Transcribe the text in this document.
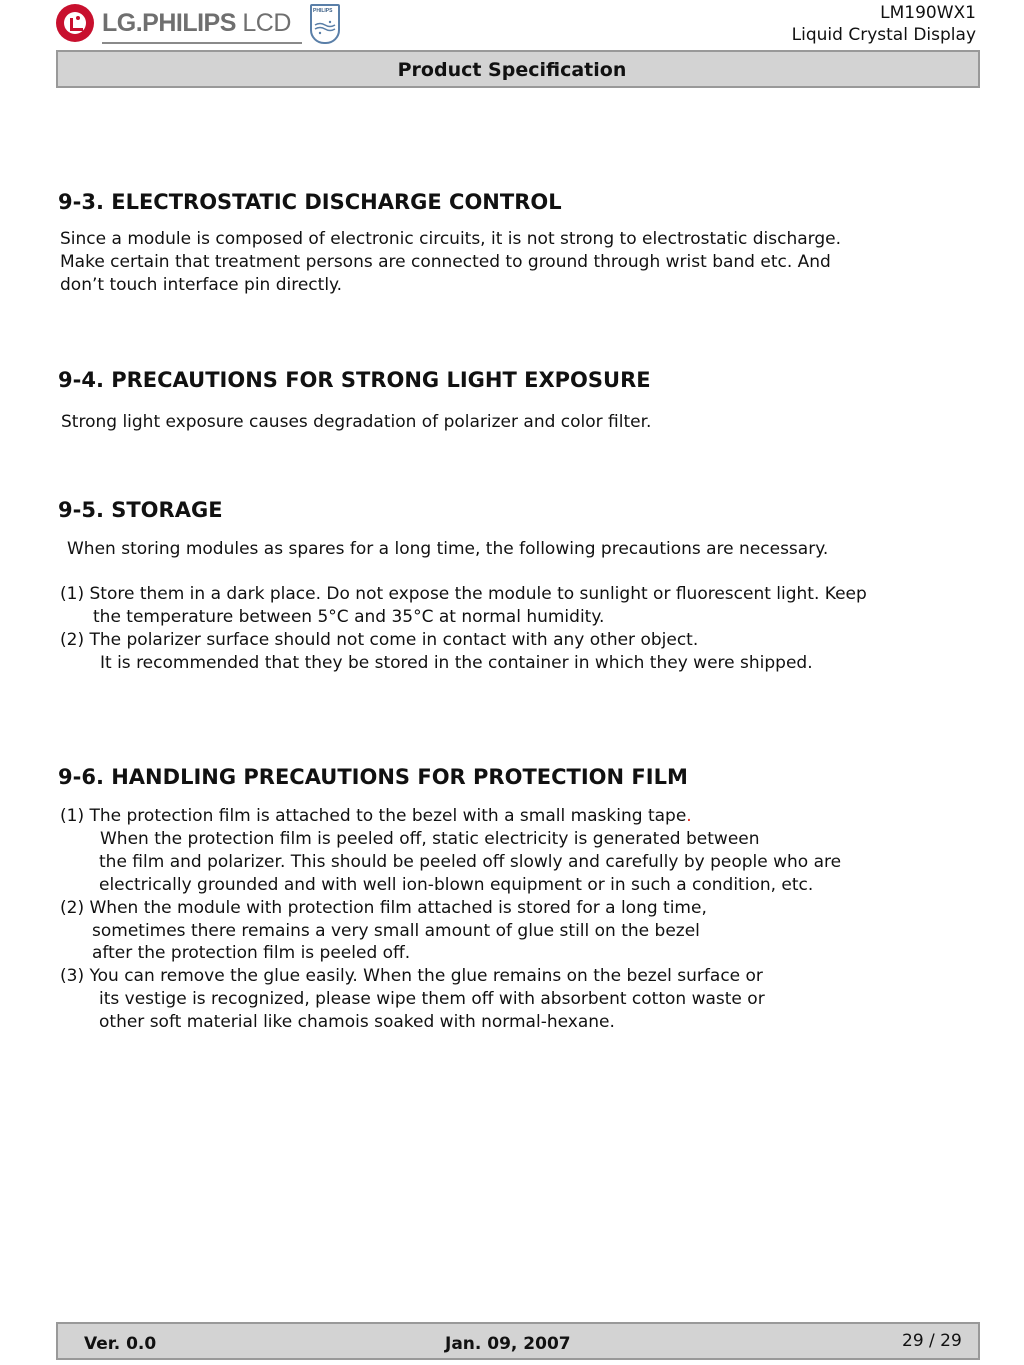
LG.PHILIPS LCD	PHILIPS	LM190WX1
Liquid Crystal Display
Product Specification
9-3. ELECTROSTATIC DISCHARGE CONTROL
Since a module is composed of electronic circuits, it is not strong to electrostatic discharge.
Make certain that treatment persons are connected to ground through wrist band etc. And
don’t touch interface pin directly.
9-4. PRECAUTIONS FOR STRONG LIGHT EXPOSURE
Strong light exposure causes degradation of polarizer and color filter.
9-5. STORAGE
When storing modules as spares for a long time, the following precautions are necessary.
(1) Store them in a dark place. Do not expose the module to sunlight or fluorescent light. Keep
the temperature between 5°C and 35°C at normal humidity.
(2) The polarizer surface should not come in contact with any other object.
It is recommended that they be stored in the container in which they were shipped.
9-6. HANDLING PRECAUTIONS FOR PROTECTION FILM
(1) The protection film is attached to the bezel with a small masking tape.
When the protection film is peeled off, static electricity is generated between
the film and polarizer. This should be peeled off slowly and carefully by people who are
electrically grounded and with well ion-blown equipment or in such a condition, etc.
(2) When the module with protection film attached is stored for a long time,
sometimes there remains a very small amount of glue still on the bezel
after the protection film is peeled off.
(3) You can remove the glue easily. When the glue remains on the bezel surface or
its vestige is recognized, please wipe them off with absorbent cotton waste or
other soft material like chamois soaked with normal-hexane.
Ver. 0.0	Jan. 09, 2007	29 / 29
